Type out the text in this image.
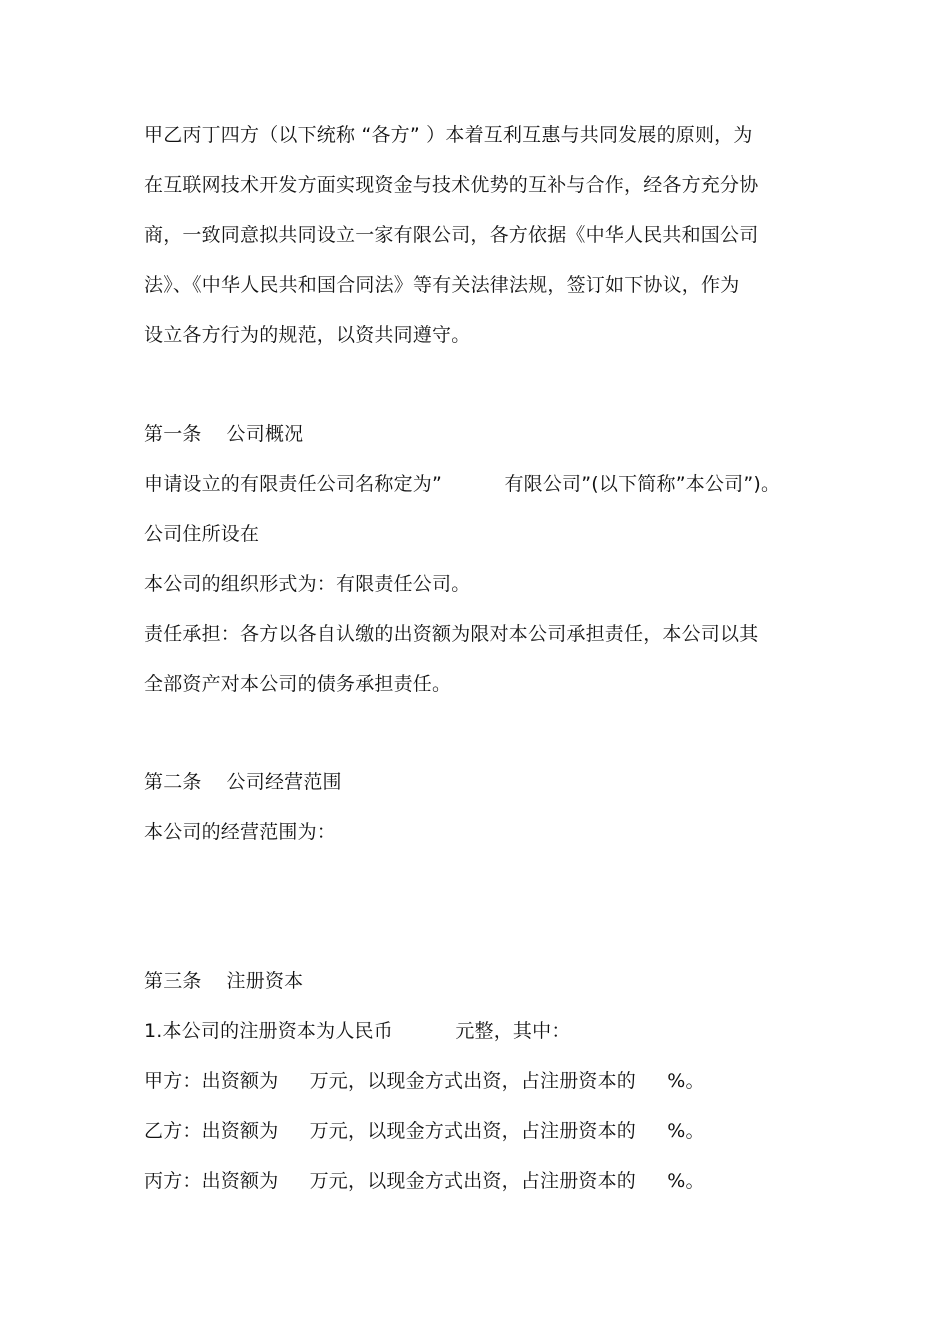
甲乙丙丁四方（以下统称 “各方” ）本着互利互惠与共同发展的原则，为
在互联网技术开发方面实现资金与技术优势的互补与合作，经各方充分协
商，一致同意拟共同设立一家有限公司，各方依据《中华人民共和国公司
法》、《中华人民共和国合同法》等有关法律法规，签订如下协议，作为
设立各方行为的规范，以资共同遵守。
第一条    公司概况
申请设立的有限责任公司名称定为”          有限公司”(以下简称”本公司”)。
公司住所设在
本公司的组织形式为：有限责任公司。
责任承担：各方以各自认缴的出资额为限对本公司承担责任，本公司以其
全部资产对本公司的债务承担责任。
第二条    公司经营范围
本公司的经营范围为：
第三条    注册资本
1.本公司的注册资本为人民币          元整，其中：
甲方：出资额为     万元，以现金方式出资，占注册资本的     %。
乙方：出资额为     万元，以现金方式出资，占注册资本的     %。
丙方：出资额为     万元，以现金方式出资，占注册资本的     %。
